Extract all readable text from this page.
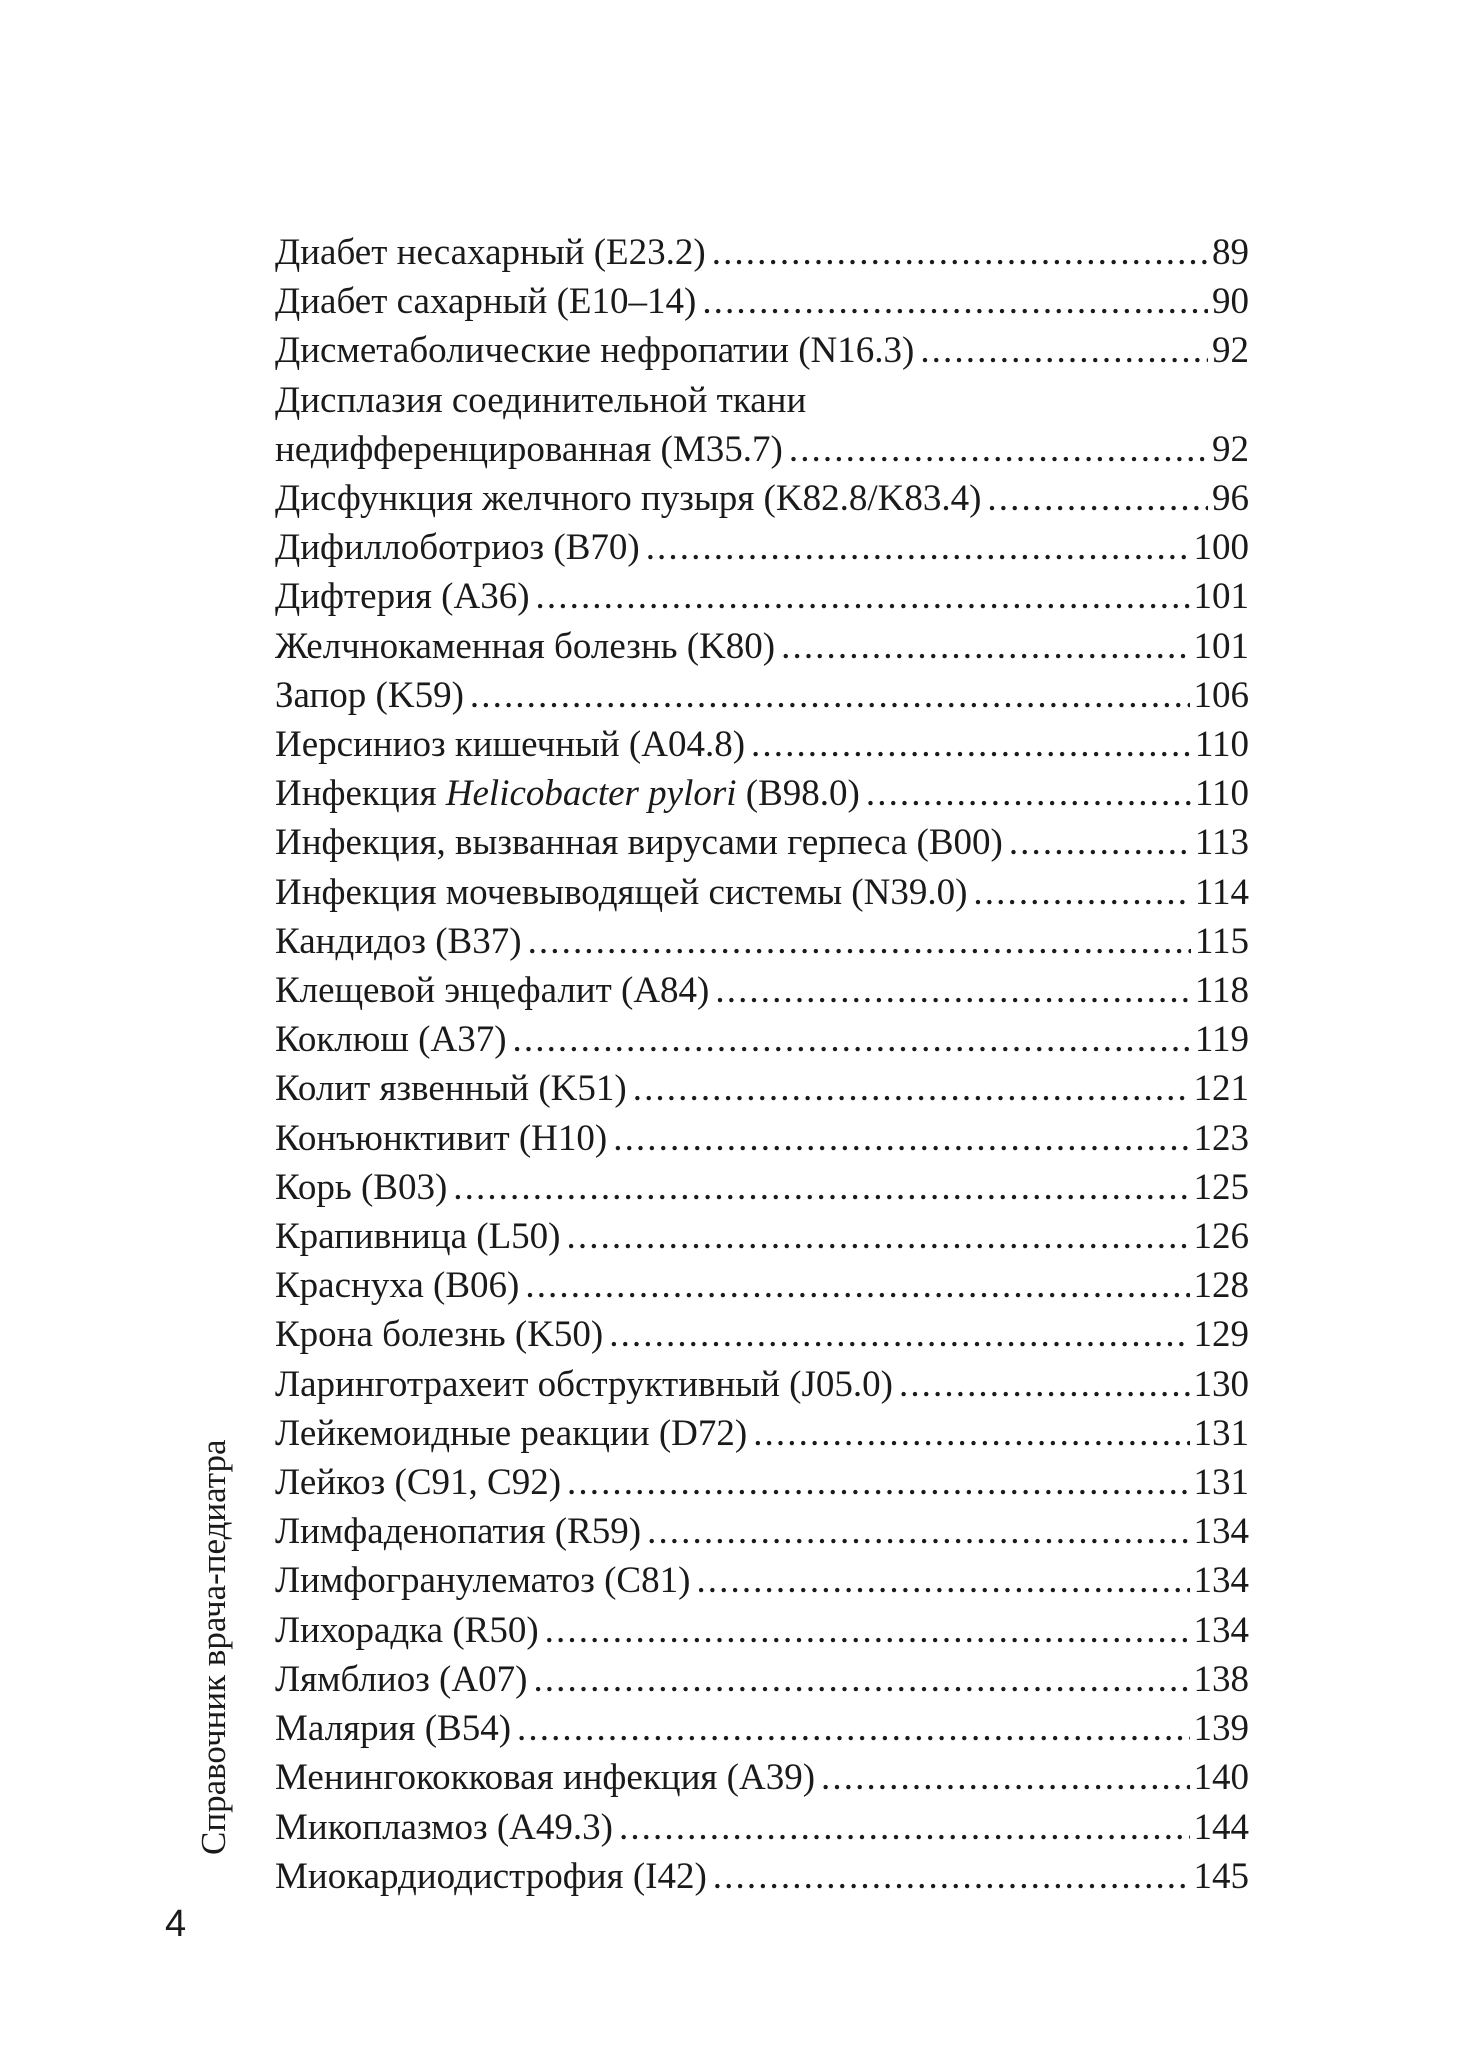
Диабет несахарный (E23.2) .....	89
Диабет сахарный (E10–14) .....	90
Дисметаболические нефропатии (N16.3) .....	92
Дисплазия соединительной ткани
недифференцированная (M35.7) .....	92
Дисфункция желчного пузыря (K82.8/K83.4) .....	96
Дифиллоботриоз (B70) .....	100
Дифтерия (A36) .....	101
Желчнокаменная болезнь (K80) .....	101
Запор (K59) .....	106
Иерсиниоз кишечный (A04.8) .....	110
Инфекция Helicobacter pylori (B98.0) .....	110
Инфекция, вызванная вирусами герпеса (B00) .....	113
Инфекция мочевыводящей системы (N39.0) .....	114
Кандидоз (B37) .....	115
Клещевой энцефалит (A84) .....	118
Коклюш (A37) .....	119
Колит язвенный (K51) .....	121
Конъюнктивит (H10) .....	123
Корь (B03) .....	125
Крапивница (L50) .....	126
Краснуха (B06) .....	128
Крона болезнь (K50) .....	129
Ларинготрахеит обструктивный (J05.0) .....	130
Лейкемоидные реакции (D72) .....	131
Лейкоз (C91, C92) .....	131
Лимфаденопатия (R59) .....	134
Лимфогранулематоз (C81) .....	134
Лихорадка (R50) .....	134
Лямблиоз (A07) .....	138
Малярия (B54) .....	139
Менингококковая инфекция (A39) .....	140
Микоплазмоз (A49.3) .....	144
Миокардиодистрофия (I42) .....	145
Справочник врача-педиатра
4
